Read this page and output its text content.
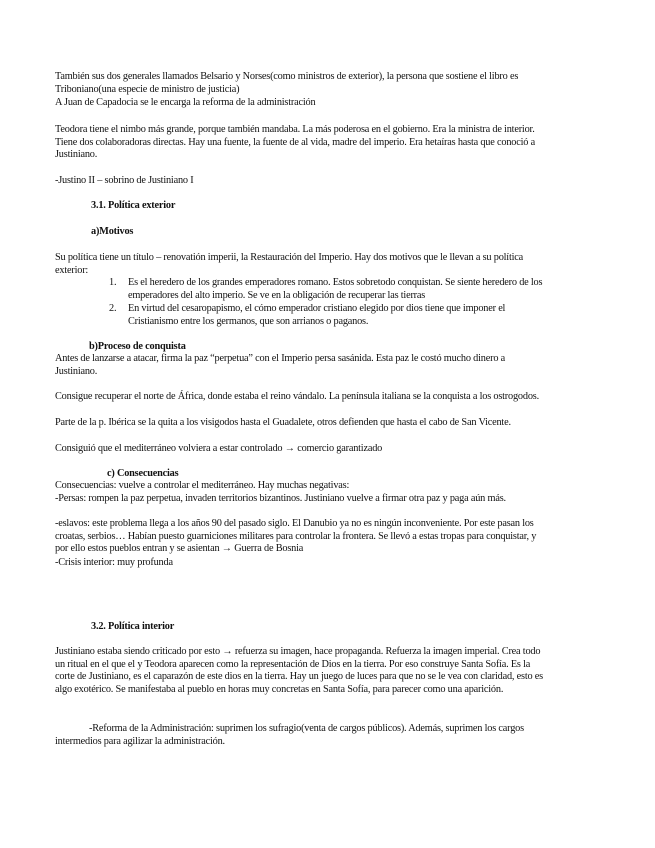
También sus dos generales llamados Belsario y Norses(como ministros de exterior), la persona que sostiene el libro es Triboniano(una especie de ministro de justicia)

A Juan de Capadocia se le encarga la reforma de la administración

Teodora tiene el nimbo más grande, porque también mandaba. La más poderosa en el gobierno. Era la ministra de interior. Tiene dos colaboradoras directas. Hay una fuente, la fuente de al vida, madre del imperio. Era hetaíras hasta que conoció a Justiniano.

-Justino II – sobrino de Justiniano I

3.1. Política exterior

a)Motivos

Su política tiene un título – renovatión imperii, la Restauración del Imperio. Hay dos motivos que le llevan a su política exterior:

1.	Es el heredero de los grandes emperadores romano. Estos sobretodo conquistan. Se siente heredero de los emperadores del alto imperio. Se ve en la obligación de recuperar las tierras
2.	En virtud del cesaropapismo, el cómo emperador cristiano elegido por dios tiene que imponer el Cristianismo entre los germanos, que son arrianos o paganos.

b)Proceso de conquista

Antes de lanzarse a atacar, firma la paz “perpetua” con el Imperio persa sasánida. Esta paz le costó mucho dinero a Justiniano.

Consigue recuperar el norte de África, donde estaba el reino vándalo. La península italiana se la conquista a los ostrogodos.

Parte de la p. Ibérica se la quita a los visigodos hasta el Guadalete, otros defienden que hasta el cabo de San Vicente.

Consiguió que el mediterráneo volviera a estar controlado → comercio garantizado

c) Consecuencias

Consecuencias: vuelve a controlar el mediterráneo. Hay muchas negativas:

-Persas: rompen la paz perpetua, invaden territorios bizantinos. Justiniano vuelve a firmar otra paz y paga aún más.

-eslavos: este problema llega a los años 90 del pasado siglo. El Danubio ya no es ningún inconveniente. Por este pasan los croatas, serbios… Habían puesto guarniciones militares para controlar la frontera. Se llevó a estas tropas para conquistar, y por ello estos pueblos entran y se asientan → Guerra de Bosnia

-Crisis interior: muy profunda

3.2. Política interior

Justiniano estaba siendo criticado por esto → refuerza su imagen, hace propaganda. Refuerza la imagen imperial. Crea todo un ritual en el que el y Teodora aparecen como la representación de Dios en la tierra. Por eso construye Santa Sofía. Es la corte de Justiniano, es el caparazón de este dios en la tierra. Hay un juego de luces para que no se le vea con claridad, esto es algo exotérico. Se manifestaba al pueblo en horas muy concretas en Santa Sofía, para parecer como una aparición.

-Reforma de la Administración: suprimen los sufragio(venta de cargos públicos). Además, suprimen los cargos intermedios para agilizar la administración.
